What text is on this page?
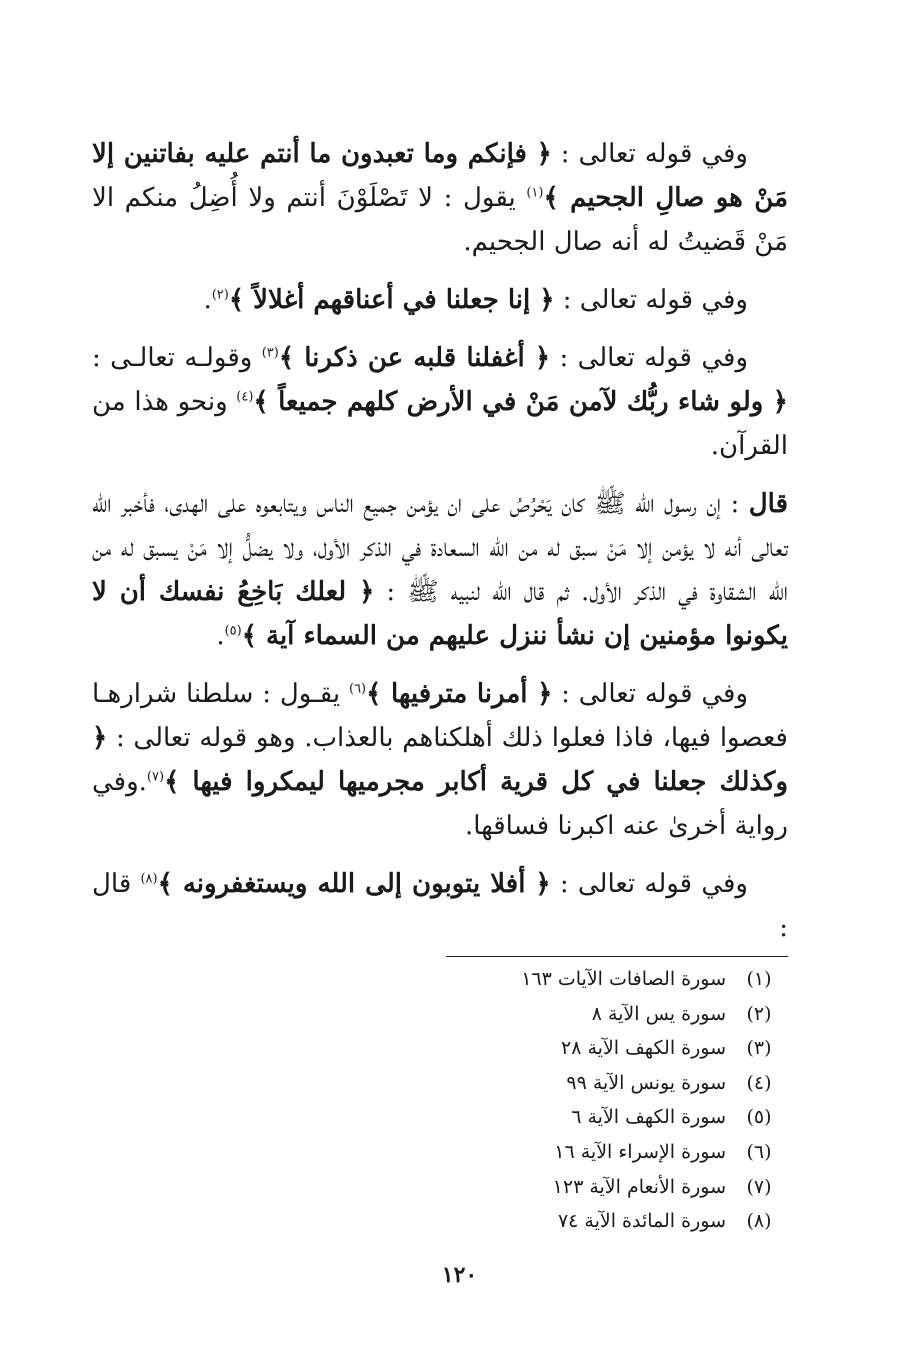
وفي قوله تعالى : ﴿ فإنكم وما تعبدون ما أنتم عليه بفاتنين إلا مَنْ هو صالِ الجحيم ﴾$^{(١)}$ يقول : لا تَصْلَوْنَ أنتم ولا أُضِلُ منكم الا مَنْ قَضيتُ له أنه صال الجحيم.

وفي قوله تعالى : ﴿ إنا جعلنا في أعناقهم أغلالاً ﴾$^{(٢)}$.

وفي قوله تعالى : ﴿ أغفلنا قلبه عن ذكرنا ﴾$^{(٣)}$ وقولـه تعالـى : ﴿ ولو شاء ربُّك لآمن مَنْ في الأرض كلهم جميعاً ﴾$^{(٤)}$ ونحو هذا من القرآن.

قال : إن رسول الله ﷺ كان يَحْرُصُ على ان يؤمن جميع الناس ويتابعوه على الهدى، فأخبر الله تعالى أنه لا يؤمن إلا مَنْ سبق له من الله السعادة في الذكر الأول، ولا يضلُّ إلا مَنْ يسبق له من الله الشقاوة في الذكر الأول. ثم قال الله لنبيه ﷺ : ﴿ لعلك بَاخِعُ نفسك أن لا يكونوا مؤمنين إن نشأ ننزل عليهم من السماء آية ﴾$^{(٥)}$.

وفي قوله تعالى : ﴿ أمرنا مترفيها ﴾$^{(٦)}$ يقـول : سلطنا شرارهـا فعصوا فيها، فاذا فعلوا ذلك أهلكناهم بالعذاب. وهو قوله تعالى : ﴿ وكذلك جعلنا في كل قرية أكابر مجرميها ليمكروا فيها ﴾$^{(٧)}$.وفي رواية أخرىٰ عنه اكبرنا فساقها.

وفي قوله تعالى : ﴿ أفلا يتوبون إلى الله ويستغفرونه ﴾$^{(٨)}$ قال :

(١)
سورة الصافات الآيات ١٦٣
(٢)
سورة يس الآية ٨
(٣)
سورة الكهف الآية ٢٨
(٤)
سورة يونس الآية ٩٩
(٥)
سورة الكهف الآية ٦
(٦)
سورة الإسراء الآية ١٦
(٧)
سورة الأنعام الآية ١٢٣
(٨)
سورة المائدة الآية ٧٤
١٢٠
